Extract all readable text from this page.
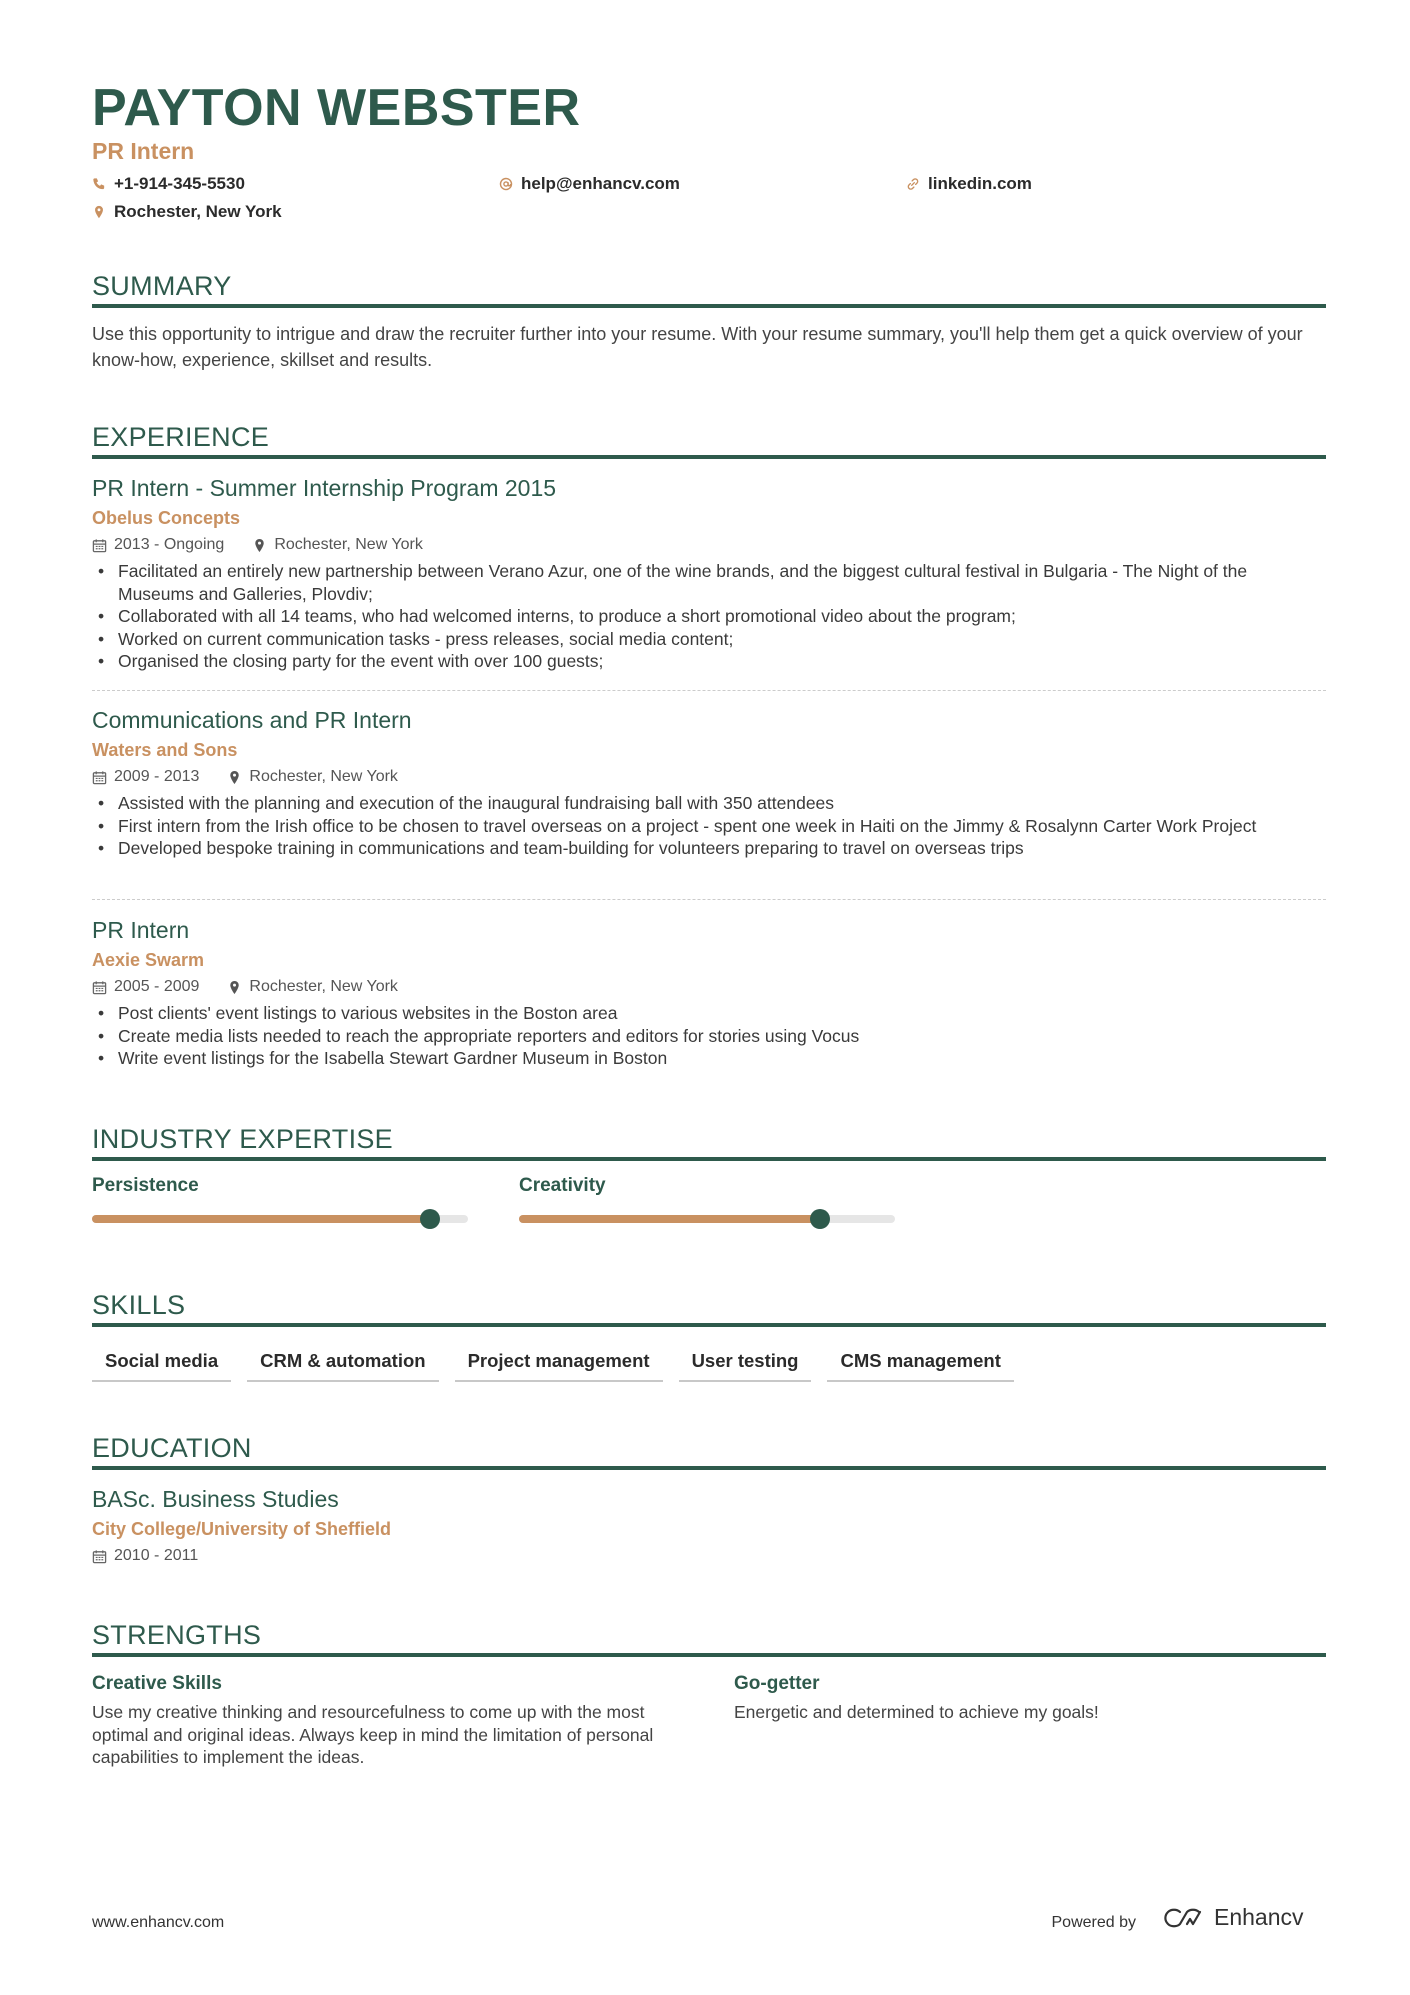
PAYTON WEBSTER
PR Intern
+1-914-345-5530	help@enhancv.com	linkedin.com
Rochester, New York
SUMMARY
Use this opportunity to intrigue and draw the recruiter further into your resume. With your resume summary, you'll help them get a quick overview of your know-how, experience, skillset and results.
EXPERIENCE
PR Intern - Summer Internship Program 2015
Obelus Concepts
2013 - Ongoing	Rochester, New York
• Facilitated an entirely new partnership between Verano Azur, one of the wine brands, and the biggest cultural festival in Bulgaria - The Night of the Museums and Galleries, Plovdiv;
• Collaborated with all 14 teams, who had welcomed interns, to produce a short promotional video about the program;
• Worked on current communication tasks - press releases, social media content;
• Organised the closing party for the event with over 100 guests;
Communications and PR Intern
Waters and Sons
2009 - 2013	Rochester, New York
• Assisted with the planning and execution of the inaugural fundraising ball with 350 attendees
• First intern from the Irish office to be chosen to travel overseas on a project - spent one week in Haiti on the Jimmy & Rosalynn Carter Work Project
• Developed bespoke training in communications and team-building for volunteers preparing to travel on overseas trips
PR Intern
Aexie Swarm
2005 - 2009	Rochester, New York
• Post clients' event listings to various websites in the Boston area
• Create media lists needed to reach the appropriate reporters and editors for stories using Vocus
• Write event listings for the Isabella Stewart Gardner Museum in Boston
INDUSTRY EXPERTISE
Persistence	Creativity
SKILLS
Social media	CRM & automation	Project management	User testing	CMS management
EDUCATION
BASc. Business Studies
City College/University of Sheffield
2010 - 2011
STRENGTHS
Creative Skills
Use my creative thinking and resourcefulness to come up with the most optimal and original ideas. Always keep in mind the limitation of personal capabilities to implement the ideas.
Go-getter
Energetic and determined to achieve my goals!
www.enhancv.com	Powered by	Enhancv
